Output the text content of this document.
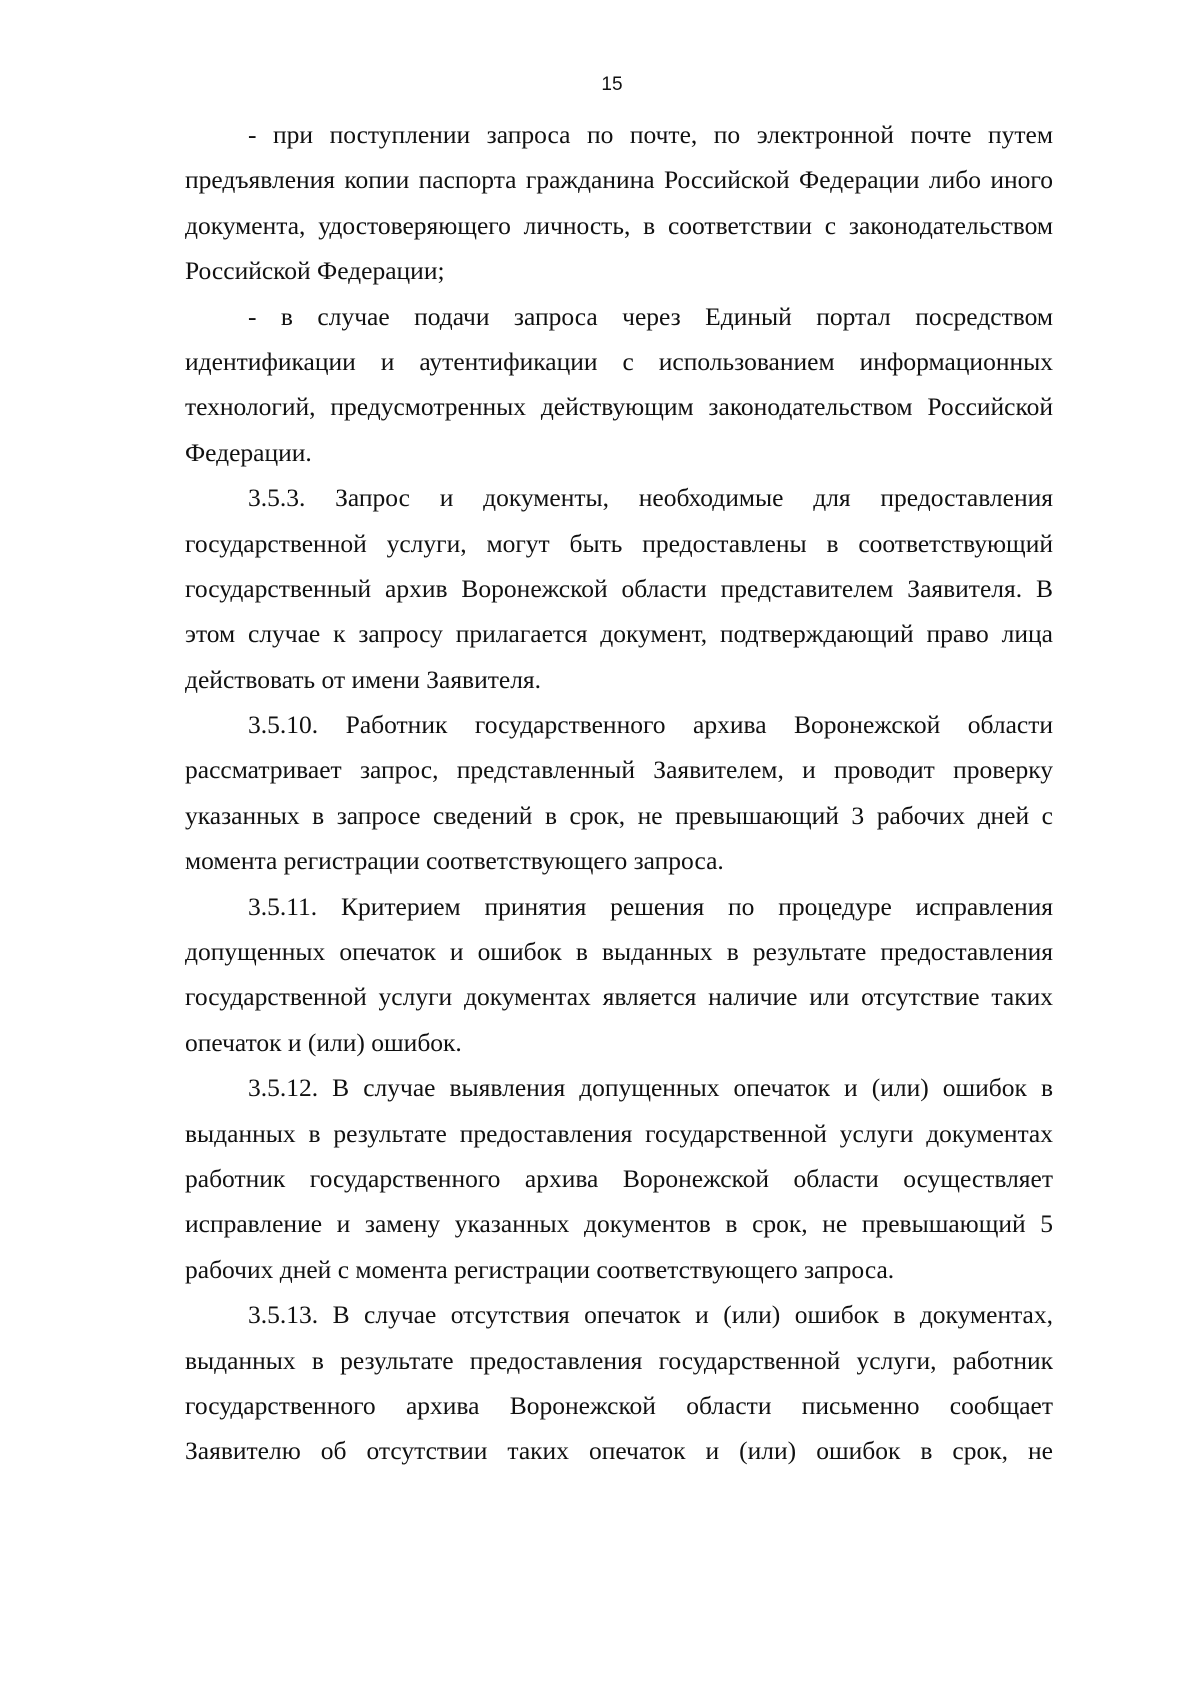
15
- при поступлении запроса по почте, по электронной почте путем
предъявления копии паспорта гражданина Российской Федерации либо иного
документа, удостоверяющего личность, в соответствии с законодательством
Российской Федерации;
- в случае подачи запроса через Единый портал посредством
идентификации и аутентификации с использованием информационных
технологий, предусмотренных действующим законодательством Российской
Федерации.
3.5.3. Запрос и документы, необходимые для предоставления
государственной услуги, могут быть предоставлены в соответствующий
государственный архив Воронежской области представителем Заявителя. В
этом случае к запросу прилагается документ, подтверждающий право лица
действовать от имени Заявителя.
3.5.10. Работник государственного архива Воронежской области
рассматривает запрос, представленный Заявителем, и проводит проверку
указанных в запросе сведений в срок, не превышающий 3 рабочих дней с
момента регистрации соответствующего запроса.
3.5.11. Критерием принятия решения по процедуре исправления
допущенных опечаток и ошибок в выданных в результате предоставления
государственной услуги документах является наличие или отсутствие таких
опечаток и (или) ошибок.
3.5.12. В случае выявления допущенных опечаток и (или) ошибок в
выданных в результате предоставления государственной услуги документах
работник государственного архива Воронежской области осуществляет
исправление и замену указанных документов в срок, не превышающий 5
рабочих дней с момента регистрации соответствующего запроса.
3.5.13. В случае отсутствия опечаток и (или) ошибок в документах,
выданных в результате предоставления государственной услуги, работник
государственного архива Воронежской области письменно сообщает
Заявителю об отсутствии таких опечаток и (или) ошибок в срок, не
